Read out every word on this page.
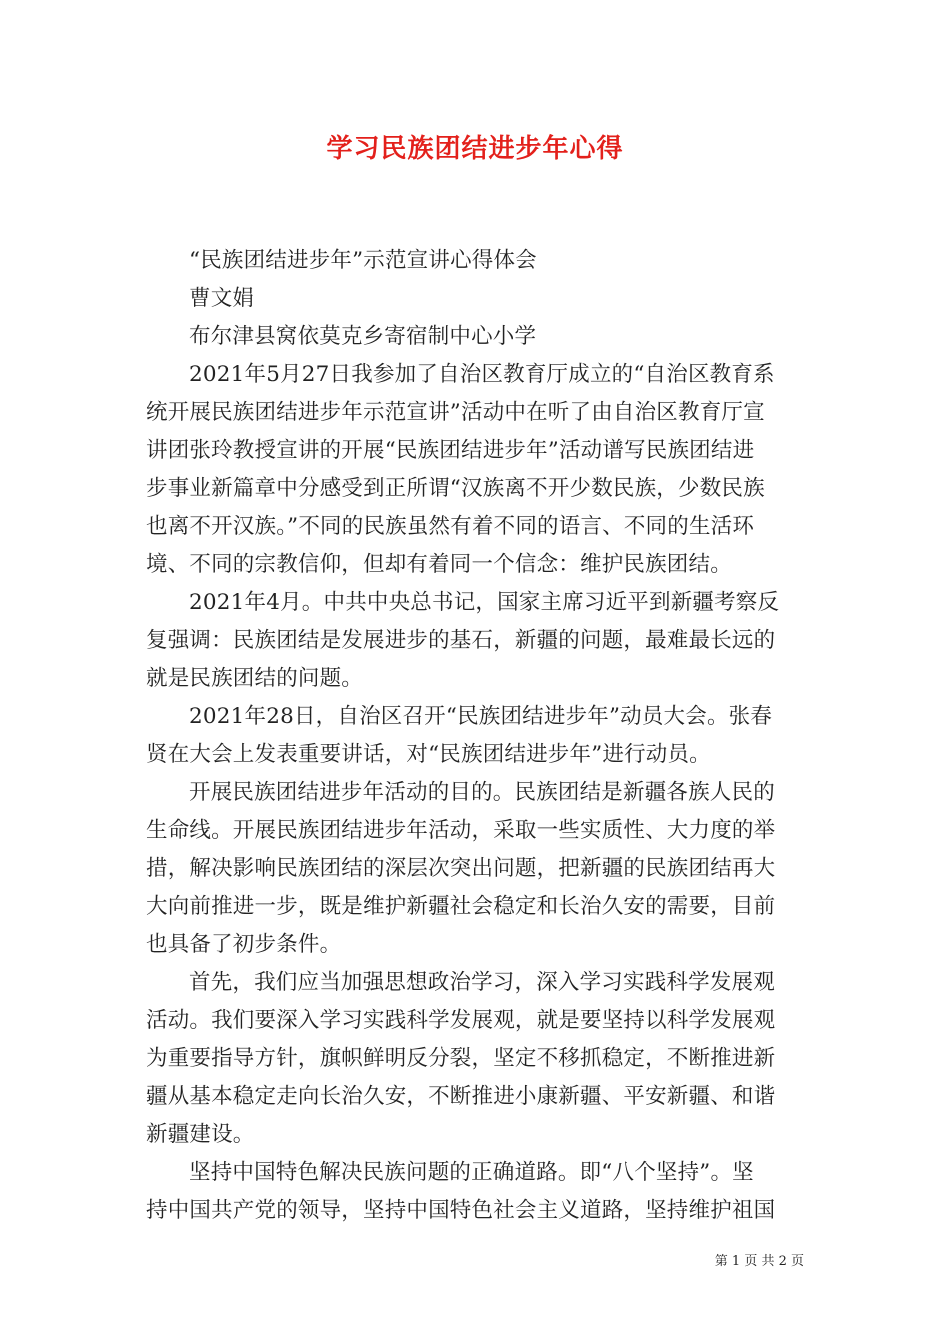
学习民族团结进步年心得
“民族团结进步年”示范宣讲心得体会
曹文娟
布尔津县窝依莫克乡寄宿制中心小学
2021年5月27日我参加了自治区教育厅成立的“自治区教育系
统开展民族团结进步年示范宣讲”活动中在听了由自治区教育厅宣
讲团张玲教授宣讲的开展“民族团结进步年”活动谱写民族团结进
步事业新篇章中分感受到正所谓“汉族离不开少数民族，少数民族
也离不开汉族。”不同的民族虽然有着不同的语言、不同的生活环
境、不同的宗教信仰，但却有着同一个信念：维护民族团结。
2021年4月。中共中央总书记，国家主席习近平到新疆考察反
复强调：民族团结是发展进步的基石，新疆的问题，最难最长远的
就是民族团结的问题。
2021年28日，自治区召开“民族团结进步年”动员大会。张春
贤在大会上发表重要讲话，对“民族团结进步年”进行动员。
开展民族团结进步年活动的目的。民族团结是新疆各族人民的
生命线。开展民族团结进步年活动，采取一些实质性、大力度的举
措，解决影响民族团结的深层次突出问题，把新疆的民族团结再大
大向前推进一步，既是维护新疆社会稳定和长治久安的需要，目前
也具备了初步条件。
首先，我们应当加强思想政治学习，深入学习实践科学发展观
活动。我们要深入学习实践科学发展观，就是要坚持以科学发展观
为重要指导方针，旗帜鲜明反分裂，坚定不移抓稳定，不断推进新
疆从基本稳定走向长治久安，不断推进小康新疆、平安新疆、和谐
新疆建设。
坚持中国特色解决民族问题的正确道路。即“八个坚持”。坚
持中国共产党的领导，坚持中国特色社会主义道路，坚持维护祖国
第 1 页 共 2 页
